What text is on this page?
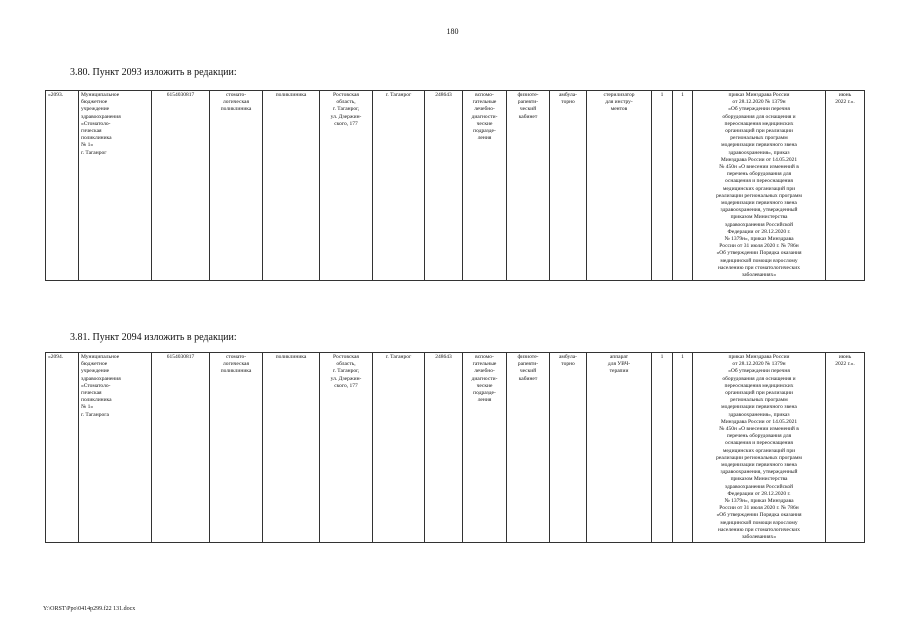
180
3.80. Пункт 2093 изложить в редакции:
«2093.	Муниципальное
бюджетное
учреждение
здравоохранения
«Стоматоло-
гическая
поликлиника
№ 1»
г. Таганрог	6154030817	стомато-
логическая
поликлиника	поликлиника	Ростовская
область,
г. Таганрог,
ул. Дзержин-
ского, 177	г. Таганрог	248643	вспомо-
гательные
лечебно-
диагности-
ческие
подразде-
ления	физиоте-
рапевти-
ческий
кабинет	амбула-
торно	стерилизатор
для инстру-
ментов	1	1	приказ Минздрава России
от 28.12.2020 № 1379н
«Об утверждении перечня
оборудования для оснащения и
переоснащения медицинских
организаций при реализации
региональных программ
модернизации первичного звена
здравоохранения», приказ
Минздрава России от 14.05.2021
№ 450н «О внесении изменений в
перечень оборудования для
оснащения и переоснащения
медицинских организаций при
реализации региональных программ
модернизации первичного звена
здравоохранения, утвержденный
приказом Министерства
здравоохранения Российской
Федерации от 28.12.2020 г.
№ 1379н», приказ Минздрава
России от 31 июля 2020 г. № 786н
«Об утверждении Порядка оказания
медицинской помощи взрослому
населению при стоматологических
заболеваниях»	июнь
2022 г.».
3.81. Пункт 2094 изложить в редакции:
«2094.	Муниципальное
бюджетное
учреждение
здравоохранения
«Стоматоло-
гическая
поликлиника
№ 1»
г. Таганрога	6154030817	стомато-
логическая
поликлиника	поликлиника	Ростовская
область,
г. Таганрог,
ул. Дзержин-
ского, 177	г. Таганрог	248643	вспомо-
гательные
лечебно-
диагности-
ческие
подразде-
ления	физиоте-
рапевти-
ческий
кабинет	амбула-
торно	аппарат
для УВЧ-
терапии	1	1	приказ Минздрава России
от 28.12.2020 № 1379н
«Об утверждении перечня
оборудования для оснащения и
переоснащения медицинских
организаций при реализации
региональных программ
модернизации первичного звена
здравоохранения», приказ
Минздрава России от 14.05.2021
№ 450н «О внесении изменений в
перечень оборудования для
оснащения и переоснащения
медицинских организаций при
реализации региональных программ
модернизации первичного звена
здравоохранения, утвержденный
приказом Министерства
здравоохранения Российской
Федерации от 28.12.2020 г.
№ 1379н», приказ Минздрава
России от 31 июля 2020 г. № 786н
«Об утверждении Порядка оказания
медицинской помощи взрослому
населению при стоматологических
заболеваниях»	июнь
2022 г.».
Y:\ORST\Ppo\0414p299.f22 131.docx
